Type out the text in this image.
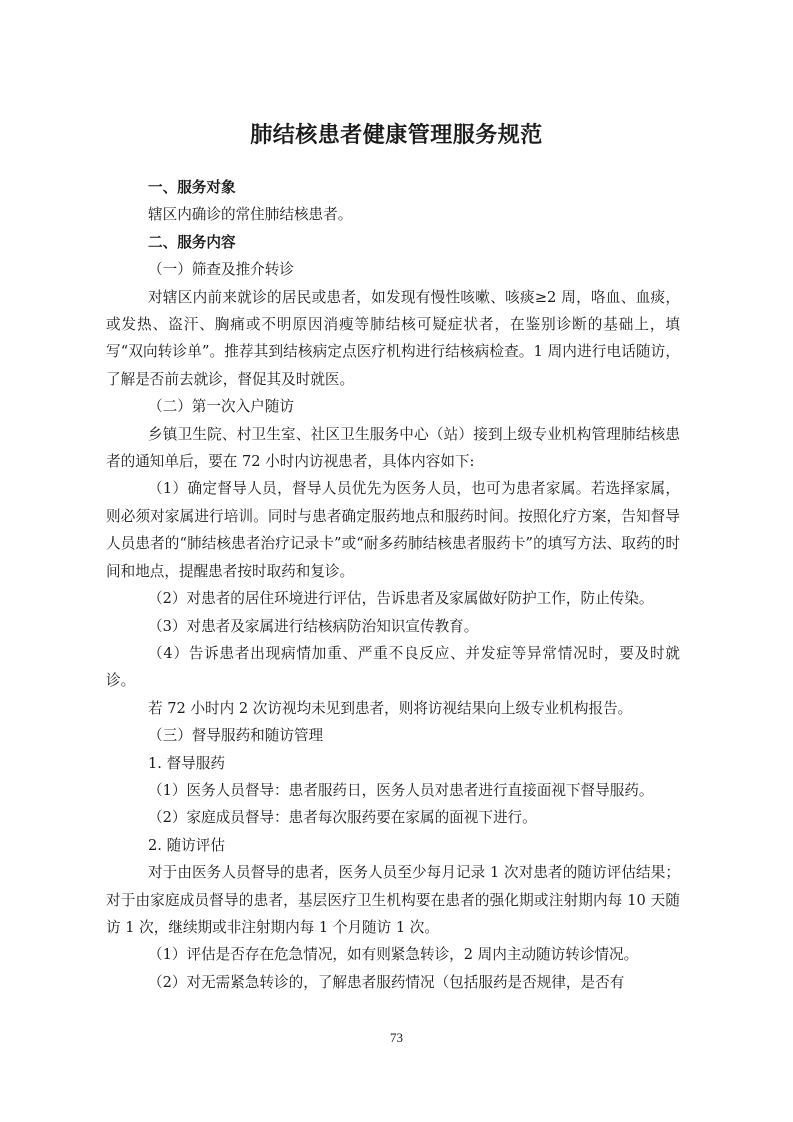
肺结核患者健康管理服务规范

一、服务对象

辖区内确诊的常住肺结核患者。

二、服务内容

（一）筛查及推介转诊

对辖区内前来就诊的居民或患者，如发现有慢性咳嗽、咳痰≥2 周，咯血、血痰，或发热、盗汗、胸痛或不明原因消瘦等肺结核可疑症状者，在鉴别诊断的基础上，填写“双向转诊单”。推荐其到结核病定点医疗机构进行结核病检查。1 周内进行电话随访，了解是否前去就诊，督促其及时就医。

（二）第一次入户随访

乡镇卫生院、村卫生室、社区卫生服务中心（站）接到上级专业机构管理肺结核患者的通知单后，要在 72 小时内访视患者，具体内容如下:

（1）确定督导人员，督导人员优先为医务人员，也可为患者家属。若选择家属，则必须对家属进行培训。同时与患者确定服药地点和服药时间。按照化疗方案，告知督导人员患者的“肺结核患者治疗记录卡”或“耐多药肺结核患者服药卡”的填写方法、取药的时间和地点，提醒患者按时取药和复诊。

（2）对患者的居住环境进行评估，告诉患者及家属做好防护工作，防止传染。

（3）对患者及家属进行结核病防治知识宣传教育。

（4）告诉患者出现病情加重、严重不良反应、并发症等异常情况时，要及时就诊。

若 72 小时内 2 次访视均未见到患者，则将访视结果向上级专业机构报告。

（三）督导服药和随访管理

1. 督导服药

（1）医务人员督导：患者服药日，医务人员对患者进行直接面视下督导服药。

（2）家庭成员督导：患者每次服药要在家属的面视下进行。

2. 随访评估

对于由医务人员督导的患者，医务人员至少每月记录 1 次对患者的随访评估结果；对于由家庭成员督导的患者，基层医疗卫生机构要在患者的强化期或注射期内每 10 天随访 1 次，继续期或非注射期内每 1 个月随访 1 次。

（1）评估是否存在危急情况，如有则紧急转诊，2 周内主动随访转诊情况。

（2）对无需紧急转诊的，了解患者服药情况（包括服药是否规律，是否有

73
